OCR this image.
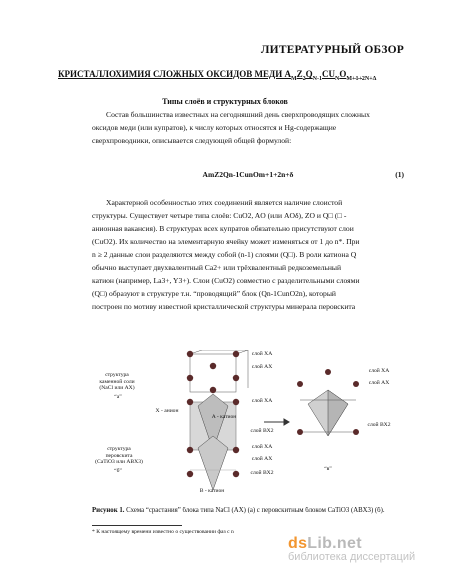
ЛИТЕРАТУРНЫЙ ОБЗОР
КРИСТАЛЛОХИМИЯ СЛОЖНЫХ ОКСИДОВ МЕДИ $A_MZ_2Q_{N-1}CU_NO_{M+1+2N+\Delta}$
Типы слоёв и структурных блоков
Состав большинства известных на сегодняшний день сверхпроводящих сложных
оксидов меди (или купратов), к числу которых относятся и Hg-содержащие
сверхпроводники, описывается следующей общей формулой:
AmZ2Qn-1CunOm+1+2n+δ	(1)
Характерной особенностью этих соединений является наличие слоистой
структуры. Существует четыре типа слоёв: CuO2, AO (или AOδ), ZO и Q□ (□ -
анионная вакансия). В структурах всех купратов обязательно присутствуют слои
(CuO2). Их количество на элементарную ячейку может изменяться от 1 до n*. При
n ≥ 2 данные слои разделяются между собой (n-1) слоями (Q□). В роли катиона Q
обычно выступает двухвалентный Ca2+ или трёхвалентный редкоземельный
катион (например, La3+, Y3+). Слои (CuO2) совместно с разделительными слоями
(Q□) образуют в структуре т.н. “проводящий” блок (Qn-1CunO2n), который
построен по мотиву известной кристаллической структуры минерала перовскита
структура
каменной соли
(NaCl или AX)
“a”
структура
перовскита
(CaTiO3 или ABX3)
“б”
X - анион
A - катион
B - катион
слой XA
слой AX
слой XA
слой BX2
слой XA
слой AX
слой BX2
слой XA
слой AX
слой BX2
“в”
Рисунок 1. Схема “срастания” блока типа NaCl (AX) (а) с перовскитным блоком CaTiO3 (ABX3) (б).
* К настоящему времени известно о существовании фаз с n
dsLib.net
библиотека диссертаций
